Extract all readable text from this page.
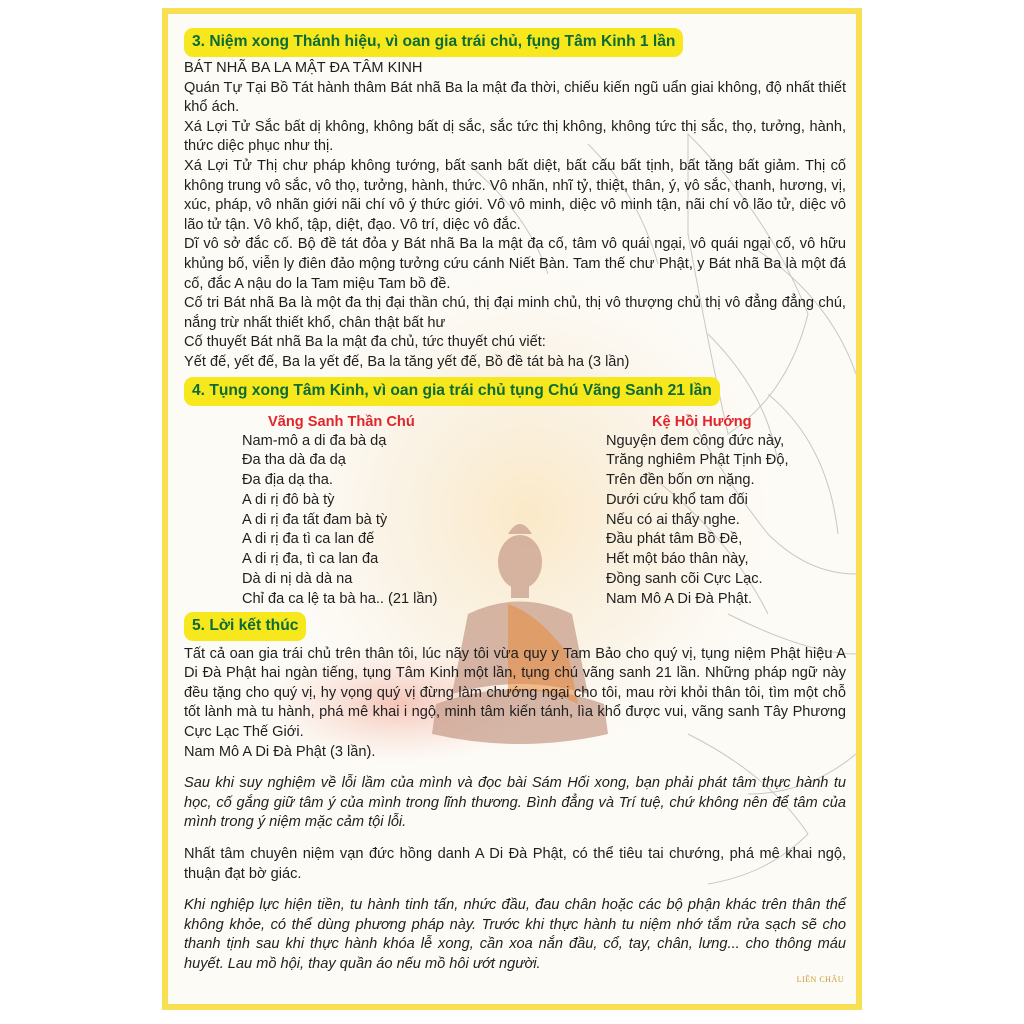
3. Niệm xong Thánh hiệu, vì oan gia trái chủ, fụng Tâm Kinh 1 lần

BÁT NHÃ BA LA MẬT ĐA TÂM KINH

Quán Tự Tại Bồ Tát hành thâm Bát nhã Ba la mật đa thời, chiếu kiến ngũ uẩn giai không, độ nhất thiết khổ ách.

Xá Lợi Tử Sắc bất dị không, không bất dị sắc, sắc tức thị không, không tức thị sắc, thọ, tưởng, hành, thức diệc phục như thị.

Xá Lợi Tử Thị chư pháp không tướng, bất sanh bất diệt, bất cấu bất tịnh, bất tăng bất giảm. Thị cố không trung vô sắc, vô thọ, tưởng, hành, thức. Vô nhãn, nhĩ tỷ, thiệt, thân, ý, vô sắc, thanh, hương, vị, xúc, pháp, vô nhãn giới nãi chí vô ý thức giới. Vô vô minh, diệc vô minh tận, nãi chí vô lão tử, diệc vô lão tử tận. Vô khổ, tập, diệt, đạo. Vô trí, diệc vô đắc.

Dĩ vô sở đắc cố. Bộ đề tát đỏa y Bát nhã Ba la mật đa cố, tâm vô quái ngại, vô quái ngại cố, vô hữu khủng bố, viễn ly điên đảo mộng tưởng cứu cánh Niết Bàn. Tam thế chư Phật, y Bát nhã Ba là một đá cố, đắc A nậu do la Tam miệu Tam bồ đề.

Cố tri Bát nhã Ba là một đa thị đại thần chú, thị đại minh chủ, thị vô thượng chủ thị vô đẳng đẳng chú, nắng trừ nhất thiết khổ, chân thật bất hư

Cố thuyết Bát nhã Ba la mật đa chủ, tức thuyết chú viết:

Yết đế, yết đế, Ba la yết đế, Ba la tăng yết đế, Bồ đề tát bà ha (3 lần)

4. Tụng xong Tâm Kinh, vì oan gia trái chủ tụng Chú Vãng Sanh 21 lần
Vãng Sanh Thần Chú
Nam-mô a di đa bà dạ
Đa tha dà đa dạ
Đa địa dạ tha.
A di rị đô bà tỳ
A di rị đa tất đam bà tỳ
A di rị đa tì ca lan đế
A di rị đa, tì ca lan đa
Dà di nị dà dà na
Chỉ đa ca lệ ta bà ha.. (21 lần)
Kệ Hồi Hướng
Nguyện đem công đức này,
Trăng nghiêm Phật Tịnh Độ,
Trên đền bốn ơn nặng.
Dưới cứu khổ tam đối
Nếu có ai thấy nghe.
Đầu phát tâm Bồ Đề,
Hết một báo thân này,
Đồng sanh cõi Cực Lạc.
Nam Mô A Di Đà Phật.
5. Lời kết thúc

Tất cả oan gia trái chủ trên thân tôi, lúc nãy tôi vừa quy y Tam Bảo cho quý vị, tụng niệm Phật hiệu A Di Đà Phật hai ngàn tiếng, tụng Tâm Kinh một lần, tụng chú vãng sanh 21 lần. Những pháp ngữ này đều tặng cho quý vị, hy vọng quý vị đừng làm chướng ngại cho tôi, mau rời khỏi thân tôi, tìm một chỗ tốt lành mà tu hành, phá mê khai i ngộ, minh tâm kiến tánh, lìa khổ được vui, vãng sanh Tây Phương Cực Lạc Thế Giới.

Nam Mô A Di Đà Phật (3 lần).

Sau khi suy nghiệm về lỗi lầm của mình và đọc bài Sám Hối xong, bạn phải phát tâm thực hành tu học, cố gắng giữ tâm ý của mình trong lĩnh thương. Bình đẳng và Trí tuệ, chứ không nên để tâm của mình trong ý niệm mặc cảm tội lỗi.

Nhất tâm chuyên niệm vạn đức hồng danh A Di Đà Phật, có thể tiêu tai chướng, phá mê khai ngộ, thuận đạt bờ giác.

Khi nghiệp lực hiện tiền, tu hành tinh tấn, nhức đầu, đau chân hoặc các bộ phận khác trên thân thể không khỏe, có thể dùng phương pháp này. Trước khi thực hành tu niệm nhớ tắm rửa sạch sẽ cho thanh tịnh sau khi thực hành khóa lễ xong, cần xoa nắn đầu, cổ, tay, chân, lưng... cho thông máu huyết. Lau mồ hội, thay quần áo nếu mồ hôi ướt người.

LIÊN CHÂU
